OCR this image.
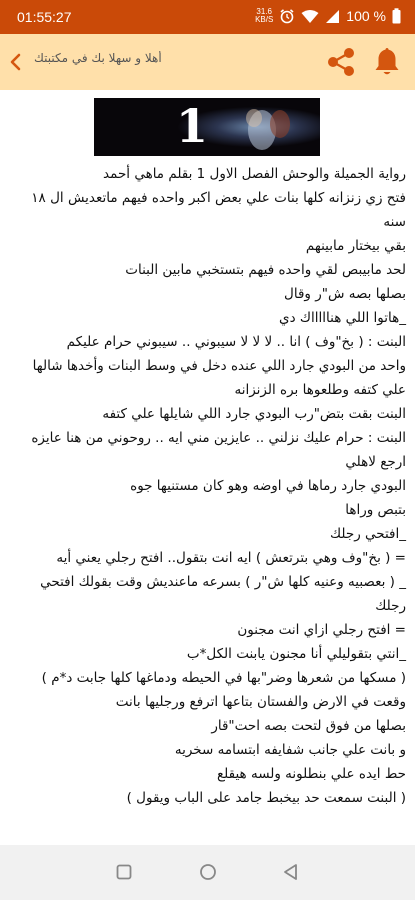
01:55:27	31.6
KB/S	100 %
أهلا و سهلا بك في مكتبتك
1

رواية الجميلة والوحش الفصل الاول 1 بقلم ماهي أحمد

فتح زي زنزانه كلها بنات علي بعض اكبر واحده فيهم ماتعديش ال ١٨ سنه

بقي بيختار مابينهم

لحد مابيبص لقي واحده فيهم بتستخبي مابين البنات

بصلها بصه ش"ر وقال

_هاتوا اللي هناااااك دي

البنت : ( بخ"وف ) انا .. لا لا لا سيبوني .. سيبوني حرام عليكم

واحد من البودي جارد اللي عنده دخل في وسط البنات وأخدها شالها علي كتفه وطلعوها بره الزنزانه

البنت بقت بتض"رب البودي جارد اللي شايلها علي كتفه

البنت : حرام عليك نزلني .. عايزين مني ايه .. روحوني من هنا عايزه ارجع لاهلي

البودي جارد رماها في اوضه وهو كان مستنيها جوه

بتبص وراها

_افتحي رجلك

= ( بخ"وف وهي بترتعش ) ايه انت بتقول.. افتح رجلي يعني أيه

_ ( بعصبيه وعنيه كلها ش"ر ) بسرعه ماعنديش وقت بقولك افتحي رجلك

= افتح رجلي ازاي انت مجنون

_انتي بتقوليلي أنا مجنون يابنت الكل*ب

( مسكها من شعرها وضر"بها في الحيطه ودماغها كلها جابت د*م )

وقعت في الارض والفستان بتاعها اترفع ورجليها بانت

بصلها من فوق لتحت بصه احت"قار

و بانت علي جانب شفايفه ابتسامه سخريه

حط ايده علي بنطلونه ولسه هيقلع

( البنت سمعت حد بيخبط جامد على الباب ويقول )
